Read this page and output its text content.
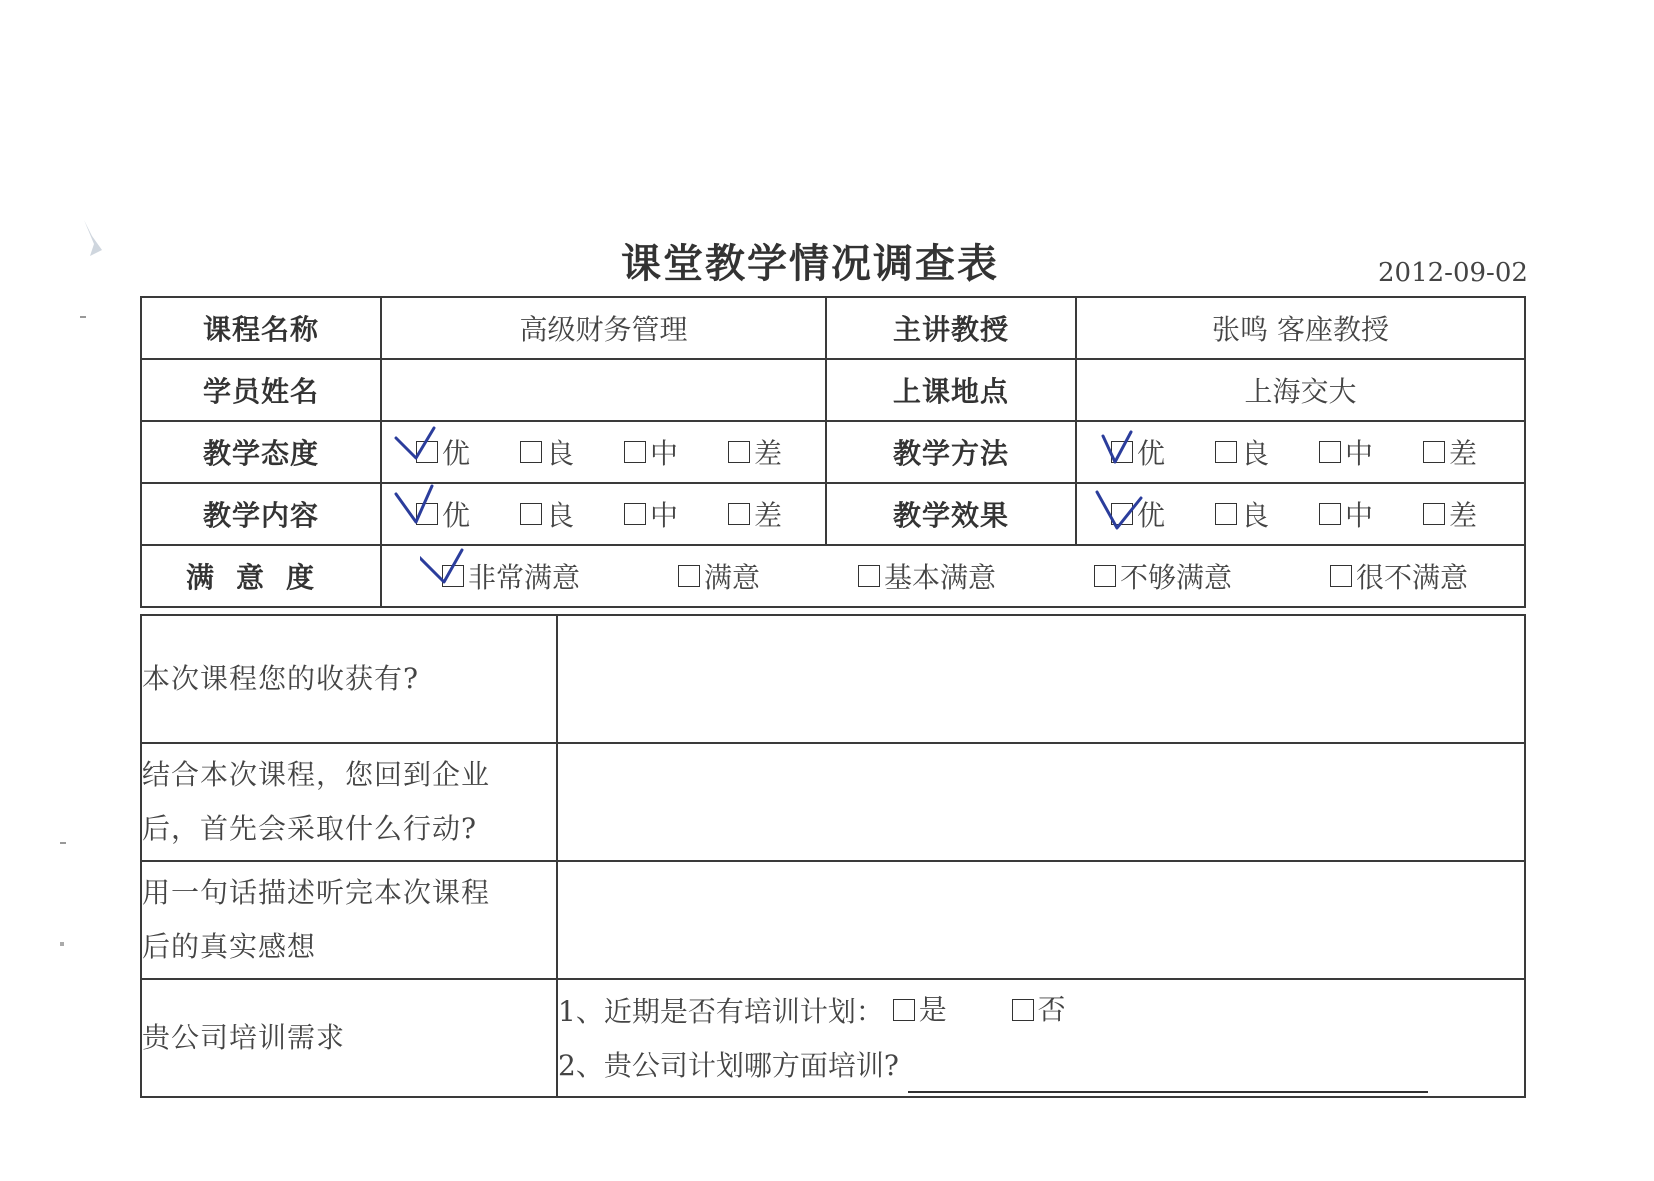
课堂教学情况调查表	2012-09-02
课程名称	高级财务管理	主讲教授	张鸣 客座教授
学员姓名		上课地点	上海交大
教学态度	优 良 中 差	教学方法	优 良 中 差

教学内容	优 良 中 差	教学效果	优 良 中 差

满意度	非常满意 满意 基本满意 不够满意 很不满意		
本次课程您的收获有?	

结合本次课程，您回到企业
后，首先会采取什么行动?	

用一句话描述听完本次课程
后的真实感想	

贵公司培训需求	1、近期是否有培训计划： 是
否
2、贵公司计划哪方面培训?
